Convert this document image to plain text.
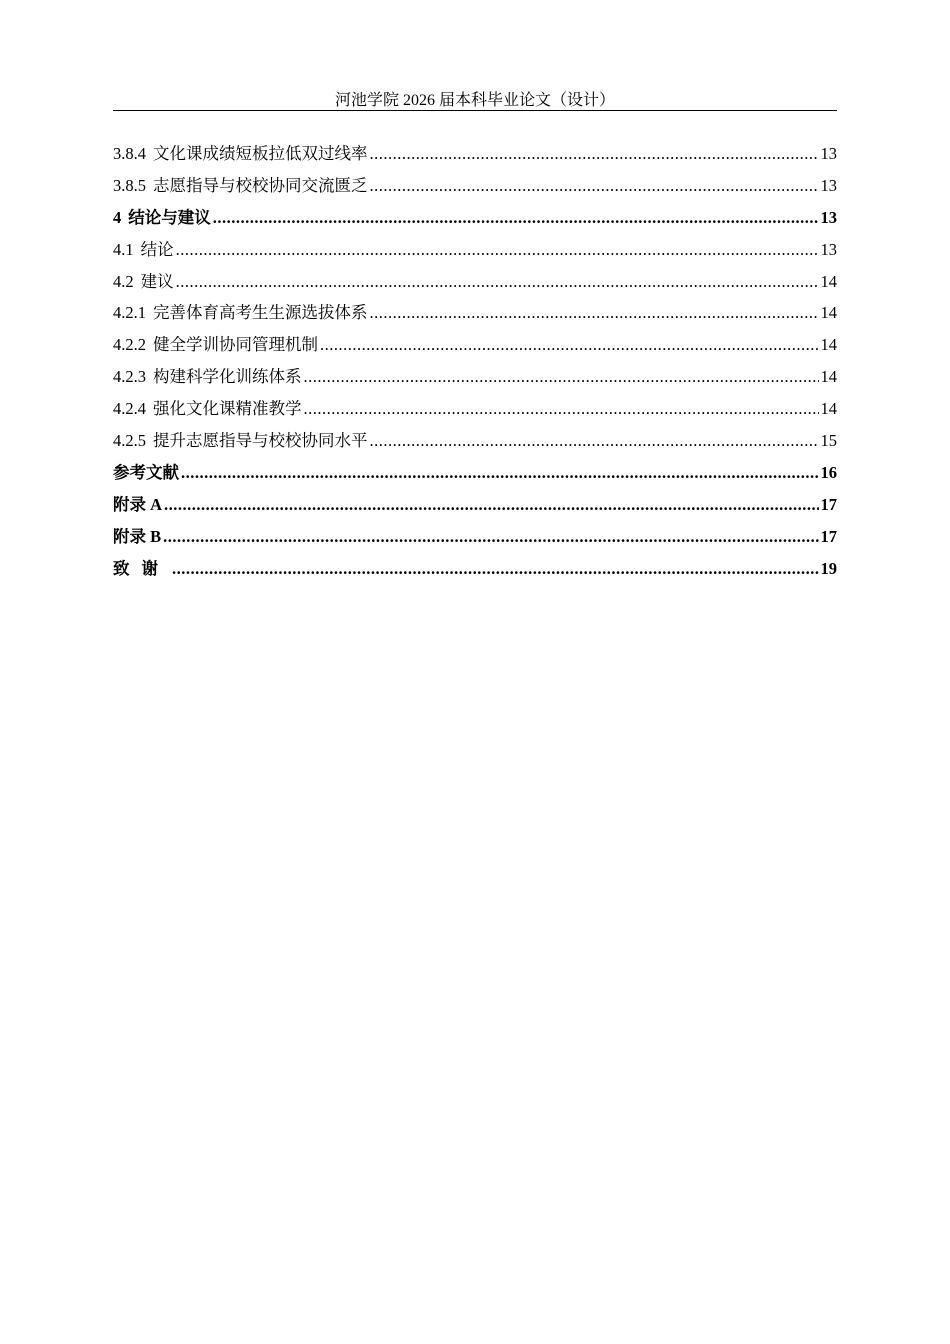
河池学院 2026 届本科毕业论文（设计）
3.8.4 文化课成绩短板拉低双过线率 .....	13
3.8.5 志愿指导与校校协同交流匮乏 .....	13
4 结论与建议 .....	13
4.1 结论 .....	13
4.2 建议 .....	14
4.2.1 完善体育高考生生源选拔体系 .....	14
4.2.2 健全学训协同管理机制 .....	14
4.2.3 构建科学化训练体系 .....	14
4.2.4 强化文化课精准教学 .....	14
4.2.5 提升志愿指导与校校协同水平 .....	15
参考文献 .....	16
附录 A .....	17
附录 B .....	17
致谢 .....	19
